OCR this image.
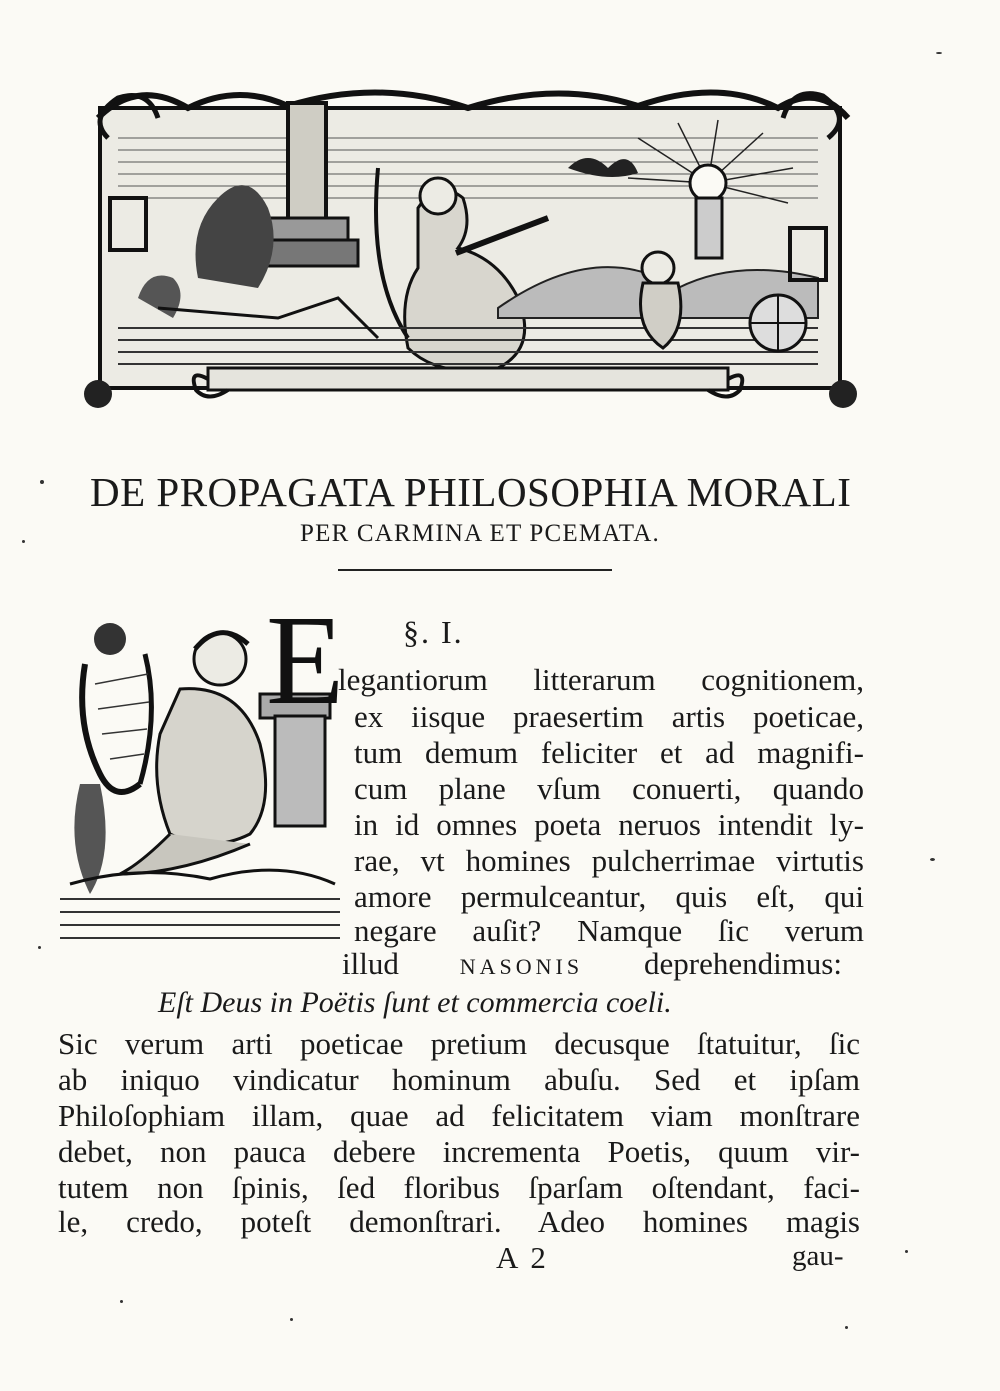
DE PROPAGATA PHILOSOPHIA MORALI
PER CARMINA ET PCEMATA.
E §. I.
legantiorum litterarum cognitionem,
ex iisque praesertim artis poeticae,
tum demum feliciter et ad magnifi-
cum plane vſum conuerti, quando
in id omnes poeta neruos intendit ly-
rae, vt homines pulcherrimae virtutis
amore permulceantur, quis eſt, qui
negare auſit? Namque ſic verum
illud	NASONIS deprehendimus:
Eſt Deus in Poëtis ſunt et commercia coeli.
Sic verum arti poeticae pretium decusque ſtatuitur, ſic
ab iniquo vindicatur hominum abuſu. Sed et ipſam
Philoſophiam illam, quae ad felicitatem viam monſtrare
debet, non pauca debere incrementa Poetis, quum vir-
tutem non ſpinis, ſed floribus ſparſam oſtendant, faci-
le, credo, poteſt demonſtrari. Adeo homines magis
A 2	gau-
